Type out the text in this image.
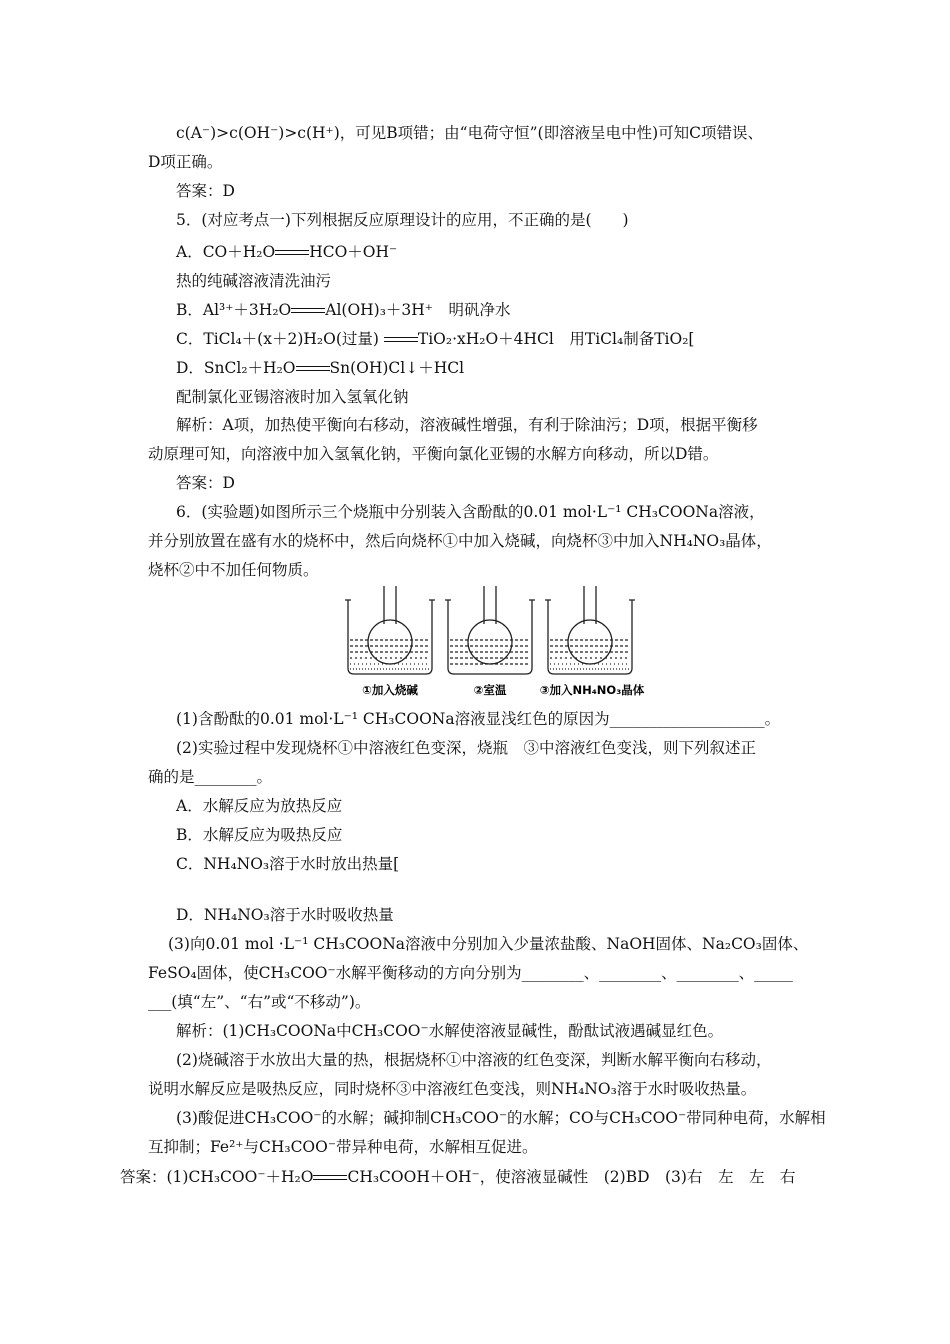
c(A⁻)>c(OH⁻)>c(H⁺)，可见B项错；由“电荷守恒”(即溶液呈电中性)可知C项错误、
D项正确。
答案：D
5．(对应考点一)下列根据反应原理设计的应用，不正确的是(　　)
A．CO＋H₂O HCO＋OH⁻
热的纯碱溶液清洗油污
B．Al³⁺＋3H₂O Al(OH)₃＋3H⁺　明矾净水
C．TiCl₄＋(x＋2)H₂O(过量)	TiO₂·xH₂O＋4HCl　用TiCl₄制备TiO₂[
D．SnCl₂＋H₂O Sn(OH)Cl↓＋HCl
配制氯化亚锡溶液时加入氢氧化钠
解析：A项，加热使平衡向右移动，溶液碱性增强，有利于除油污；D项，根据平衡移
动原理可知，向溶液中加入氢氧化钠，平衡向氯化亚锡的水解方向移动，所以D错。
答案：D
6．(实验题)如图所示三个烧瓶中分别装入含酚酞的0.01 mol·L⁻¹ CH₃COONa溶液，
并分别放置在盛有水的烧杯中，然后向烧杯①中加入烧碱，向烧杯③中加入NH₄NO₃晶体，
烧杯②中不加任何物质。
①加入烧碱	②室温	③加入NH₄NO₃晶体
(1)含酚酞的0.01 mol·L⁻¹ CH₃COONa溶液显浅红色的原因为____________________。
(2)实验过程中发现烧杯①中溶液红色变深，烧瓶　③中溶液红色变浅，则下列叙述正
确的是________。
A．水解反应为放热反应
B．水解反应为吸热反应
C．NH₄NO₃溶于水时放出热量[
D．NH₄NO₃溶于水时吸收热量
(3)向0.01 mol ·L⁻¹ CH₃COONa溶液中分别加入少量浓盐酸、NaOH固体、Na₂CO₃固体、
FeSO₄固体，使CH₃COO⁻水解平衡移动的方向分别为________、________、________、_____
___(填“左”、“右”或“不移动”)。
解析：(1)CH₃COONa中CH₃COO⁻水解使溶液显碱性，酚酞试液遇碱显红色。
(2)烧碱溶于水放出大量的热，根据烧杯①中溶液的红色变深，判断水解平衡向右移动，
说明水解反应是吸热反应，同时烧杯③中溶液红色变浅，则NH₄NO₃溶于水时吸收热量。
(3)酸促进CH₃COO⁻的水解；碱抑制CH₃COO⁻的水解；CO与CH₃COO⁻带同种电荷，水解相
互抑制；Fe²⁺与CH₃COO⁻带异种电荷，水解相互促进。
答案：(1)CH₃COO⁻＋H₂O CH₃COOH＋OH⁻，使溶液显碱性　(2)BD　(3)右　左　左　右
